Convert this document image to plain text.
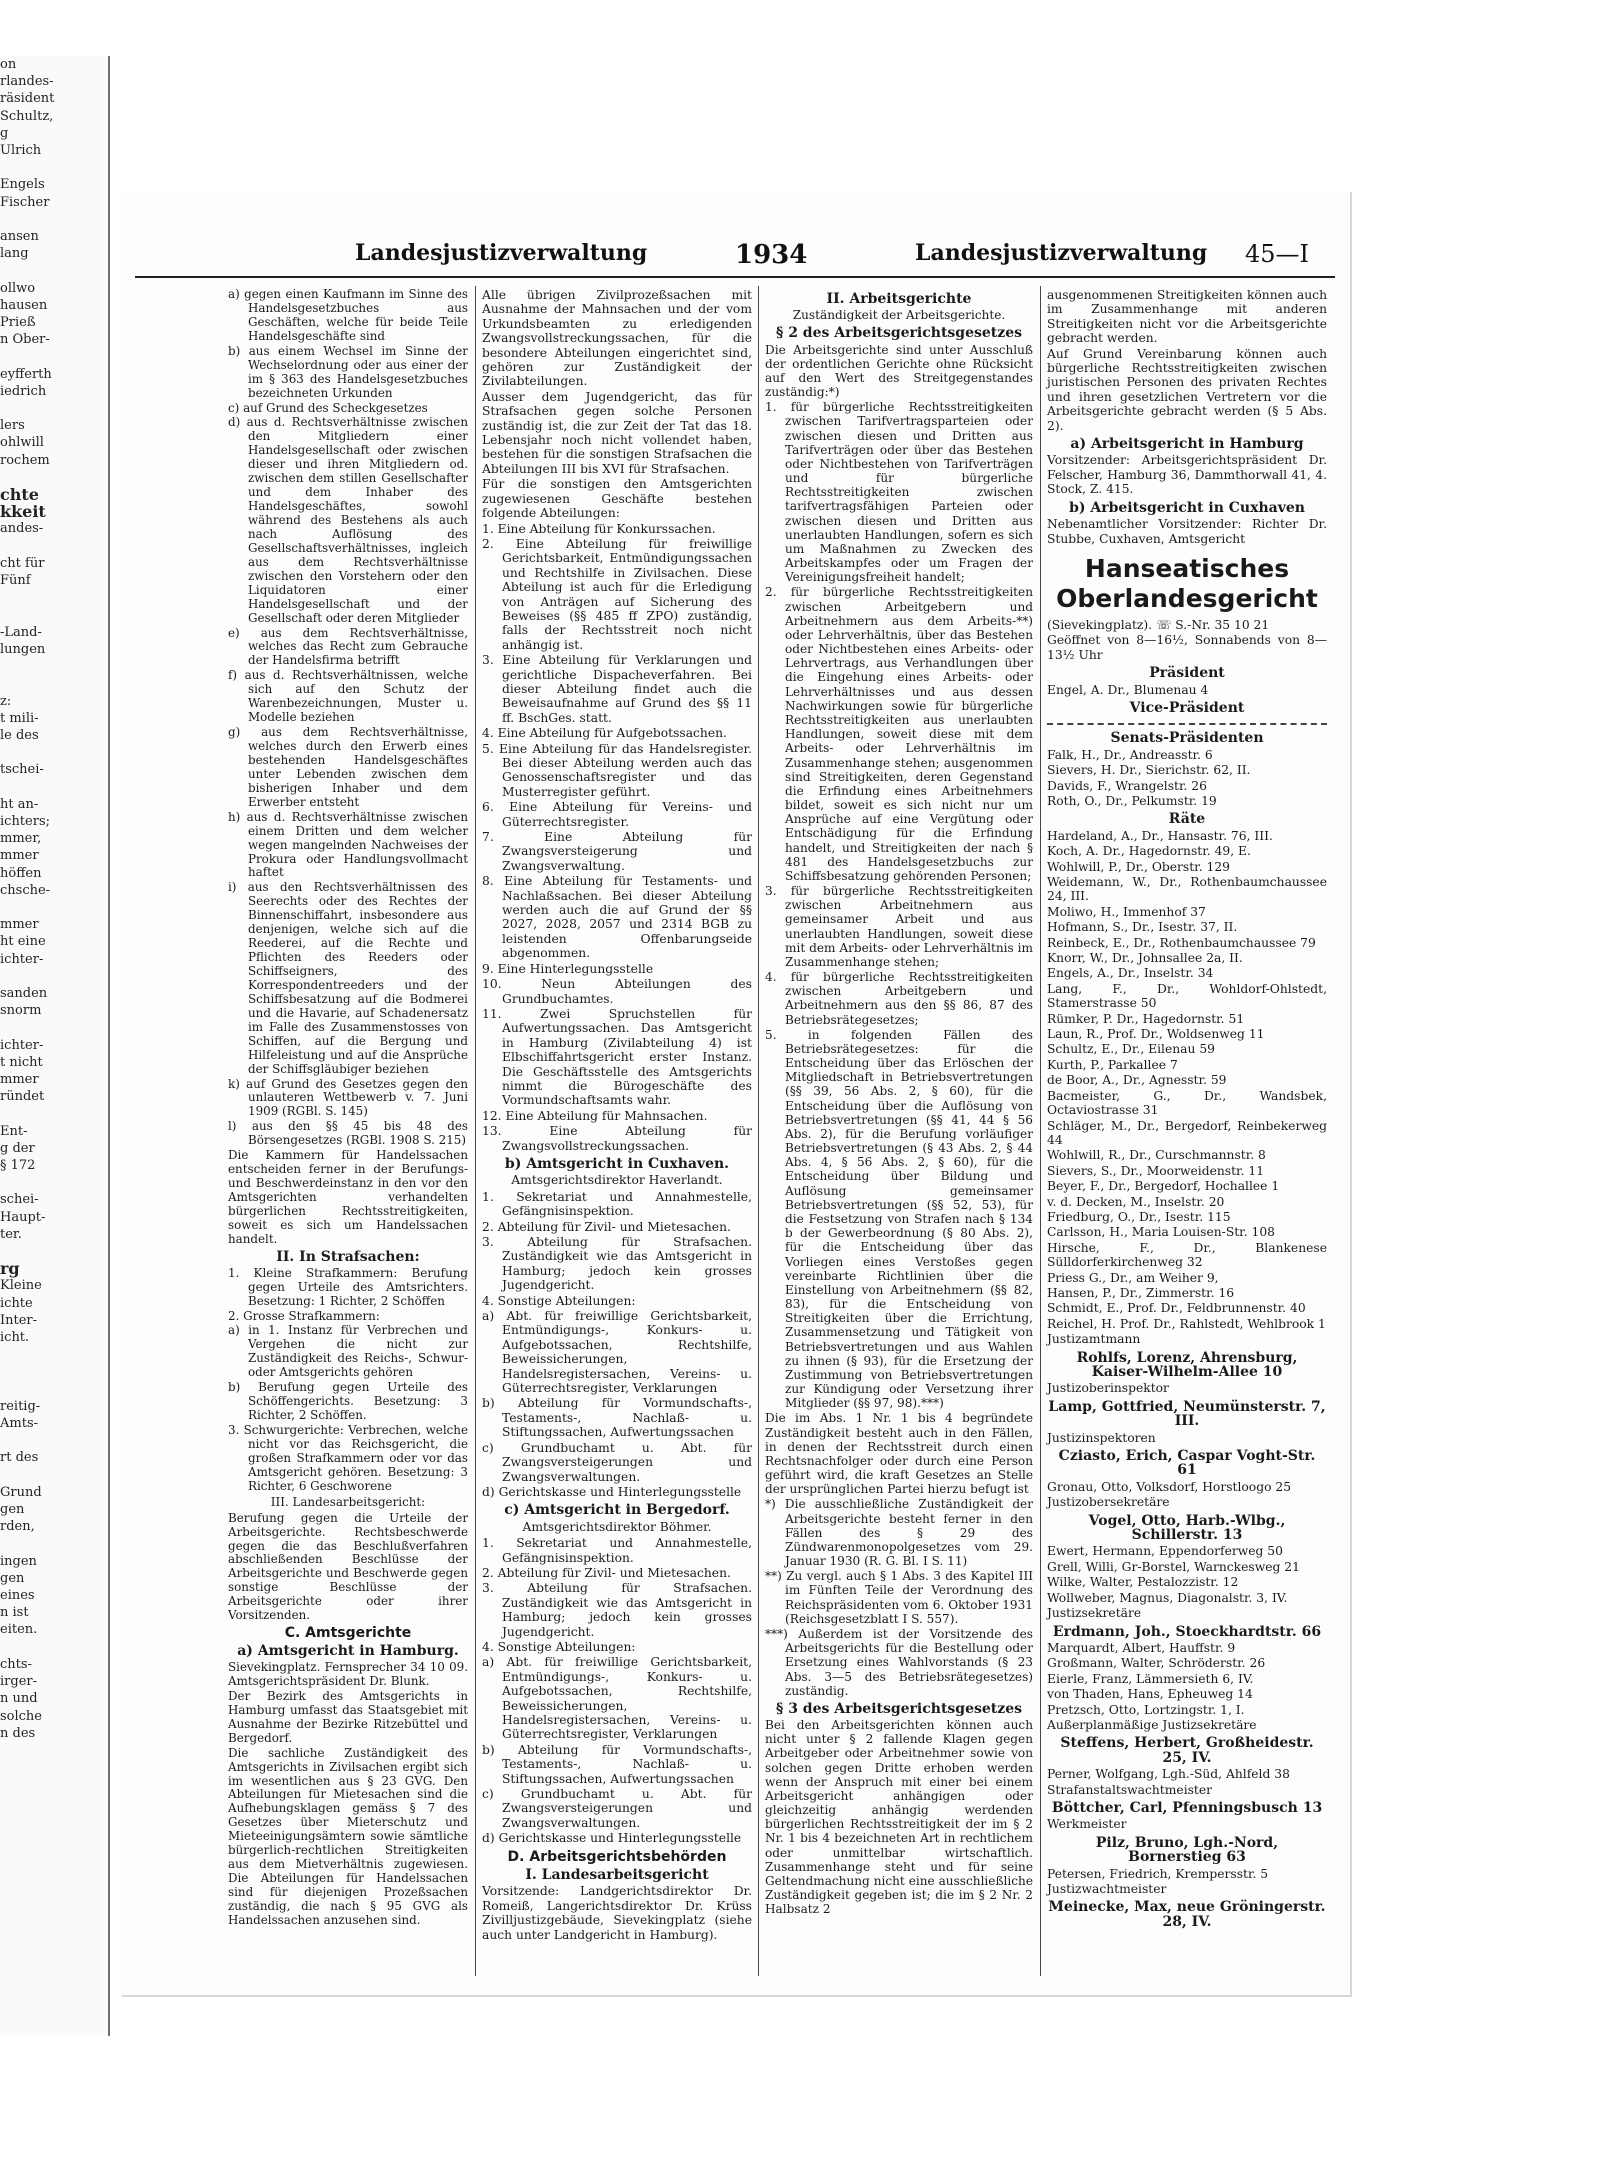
on
rlandes-
räsident
Schultz,
g
Ulrich

Engels
Fischer

ansen
lang

ollwo
hausen
Prieß
n Ober-

eyfferth
iedrich

lers
ohlwill
rochem

chte
kkeit
andes-

cht für
Fünf

-Land-
lungen

z:
t mili-
le des

tschei-

ht an-
ichters;
mmer,
mmer
höffen
chsche-

mmer
ht eine
ichter-

sanden
snorm

ichter-
t nicht
mmer
ründet

Ent-
g der
§ 172

schei-
Haupt-
ter.

rg
Kleine
ichte
Inter-
icht.

reitig-
Amts-

rt des

Grund
gen
rden,

ingen
gen
eines
n ist
eiten.

chts-
irger-
n und
solche
n des
Landesjustizverwaltung	1934	Landesjustizverwaltung 45—I
a) gegen einen Kaufmann im Sinne des Handelsgesetzbuches aus Geschäften, welche für beide Teile Handelsgeschäfte sind
b) aus einem Wechsel im Sinne der Wechselordnung oder aus einer der im § 363 des Handelsgesetzbuches bezeichneten Urkunden
c) auf Grund des Scheckgesetzes
d) aus d. Rechtsverhältnisse zwischen den Mitgliedern einer Handelsgesellschaft oder zwischen dieser und ihren Mitgliedern od. zwischen dem stillen Gesellschafter und dem Inhaber des Handelsgeschäftes, sowohl während des Bestehens als auch nach Auflösung des Gesellschaftsverhältnisses, ingleich aus dem Rechtsverhältnisse zwischen den Vorstehern oder den Liquidatoren einer Handelsgesellschaft und der Gesellschaft oder deren Mitglieder
e) aus dem Rechtsverhältnisse, welches das Recht zum Gebrauche der Handelsfirma betrifft
f) aus d. Rechtsverhältnissen, welche sich auf den Schutz der Warenbezeichnungen, Muster u. Modelle beziehen
g) aus dem Rechtsverhältnisse, welches durch den Erwerb eines bestehenden Handelsgeschäftes unter Lebenden zwischen dem bisherigen Inhaber und dem Erwerber entsteht
h) aus d. Rechtsverhältnisse zwischen einem Dritten und dem welcher wegen mangelnden Nachweises der Prokura oder Handlungsvollmacht haftet
i) aus den Rechtsverhältnissen des Seerechts oder des Rechtes der Binnenschiffahrt, insbesondere aus denjenigen, welche sich auf die Reederei, auf die Rechte und Pflichten des Reeders oder Schiffseigners, des Korrespondentreeders und der Schiffsbesatzung auf die Bodmerei und die Havarie, auf Schadenersatz im Falle des Zusammenstosses von Schiffen, auf die Bergung und Hilfeleistung und auf die Ansprüche der Schiffsgläubiger beziehen
k) auf Grund des Gesetzes gegen den unlauteren Wettbewerb v. 7. Juni 1909 (RGBl. S. 145)
l) aus den §§ 45 bis 48 des Börsengesetzes (RGBl. 1908 S. 215)
Die Kammern für Handelssachen entscheiden ferner in der Berufungs- und Beschwerdeinstanz in den vor den Amtsgerichten verhandelten bürgerlichen Rechtsstreitigkeiten, soweit es sich um Handelssachen handelt.
II. In Strafsachen:
1. Kleine Strafkammern: Berufung gegen Urteile des Amtsrichters. Besetzung: 1 Richter, 2 Schöffen
2. Grosse Strafkammern:
a) in 1. Instanz für Verbrechen und Vergehen die nicht zur Zuständigkeit des Reichs-, Schwur- oder Amtsgerichts gehören
b) Berufung gegen Urteile des Schöffengerichts. Besetzung: 3 Richter, 2 Schöffen.
3. Schwurgerichte: Verbrechen, welche nicht vor das Reichsgericht, die großen Strafkammern oder vor das Amtsgericht gehören. Besetzung: 3 Richter, 6 Geschworene
III. Landesarbeitsgericht:
Berufung gegen die Urteile der Arbeitsgerichte. Rechtsbeschwerde gegen die das Beschlußverfahren abschließenden Beschlüsse der Arbeitsgerichte und Beschwerde gegen sonstige Beschlüsse der Arbeitsgerichte oder ihrer Vorsitzenden.
C. Amtsgerichte
a) Amtsgericht in Hamburg.
Sievekingplatz. Fernsprecher 34 10 09. Amtsgerichtspräsident Dr. Blunk.
Der Bezirk des Amtsgerichts in Hamburg umfasst das Staatsgebiet mit Ausnahme der Bezirke Ritzebüttel und Bergedorf.
Die sachliche Zuständigkeit des Amtsgerichts in Zivilsachen ergibt sich im wesentlichen aus § 23 GVG. Den Abteilungen für Mietesachen sind die Aufhebungsklagen gemäss § 7 des Gesetzes über Mieterschutz und Mieteeinigungsämtern sowie sämtliche bürgerlich-rechtlichen Streitigkeiten aus dem Mietverhältnis zugewiesen. Die Abteilungen für Handelssachen sind für diejenigen Prozeßsachen zuständig, die nach § 95 GVG als Handelssachen anzusehen sind.
Alle übrigen Zivilprozeßsachen mit Ausnahme der Mahnsachen und der vom Urkundsbeamten zu erledigenden Zwangsvollstreckungssachen, für die besondere Abteilungen eingerichtet sind, gehören zur Zuständigkeit der Zivilabteilungen.
Ausser dem Jugendgericht, das für Strafsachen gegen solche Personen zuständig ist, die zur Zeit der Tat das 18. Lebensjahr noch nicht vollendet haben, bestehen für die sonstigen Strafsachen die Abteilungen III bis XVI für Strafsachen.
Für die sonstigen den Amtsgerichten zugewiesenen Geschäfte bestehen folgende Abteilungen:
1. Eine Abteilung für Konkurssachen.
2. Eine Abteilung für freiwillige Gerichtsbarkeit, Entmündigungssachen und Rechtshilfe in Zivilsachen. Diese Abteilung ist auch für die Erledigung von Anträgen auf Sicherung des Beweises (§§ 485 ff ZPO) zuständig, falls der Rechtsstreit noch nicht anhängig ist.
3. Eine Abteilung für Verklarungen und gerichtliche Dispacheverfahren. Bei dieser Abteilung findet auch die Beweisaufnahme auf Grund des §§ 11 ff. BschGes. statt.
4. Eine Abteilung für Aufgebotssachen.
5. Eine Abteilung für das Handelsregister. Bei dieser Abteilung werden auch das Genossenschaftsregister und das Musterregister geführt.
6. Eine Abteilung für Vereins- und Güterrechtsregister.
7. Eine Abteilung für Zwangsversteigerung und Zwangsverwaltung.
8. Eine Abteilung für Testaments- und Nachlaßsachen. Bei dieser Abteilung werden auch die auf Grund der §§ 2027, 2028, 2057 und 2314 BGB zu leistenden Offenbarungseide abgenommen.
9. Eine Hinterlegungsstelle
10. Neun Abteilungen des Grundbuchamtes.
11. Zwei Spruchstellen für Aufwertungssachen. Das Amtsgericht in Hamburg (Zivilabteilung 4) ist Elbschiffahrtsgericht erster Instanz. Die Geschäftsstelle des Amtsgerichts nimmt die Bürogeschäfte des Vormundschaftsamts wahr.
12. Eine Abteilung für Mahnsachen.
13. Eine Abteilung für Zwangsvollstreckungssachen.
b) Amtsgericht in Cuxhaven.
Amtsgerichtsdirektor Haverlandt.
1. Sekretariat und Annahmestelle, Gefängnisinspektion.
2. Abteilung für Zivil- und Mietesachen.
3. Abteilung für Strafsachen. Zuständigkeit wie das Amtsgericht in Hamburg; jedoch kein grosses Jugendgericht.
4. Sonstige Abteilungen:
a) Abt. für freiwillige Gerichtsbarkeit, Entmündigungs-, Konkurs- u. Aufgebotssachen, Rechtshilfe, Beweissicherungen, Handelsregistersachen, Vereins- u. Güterrechtsregister, Verklarungen
b) Abteilung für Vormundschafts-, Testaments-, Nachlaß- u. Stiftungssachen, Aufwertungssachen
c) Grundbuchamt u. Abt. für Zwangsversteigerungen und Zwangsverwaltungen.
d) Gerichtskasse und Hinterlegungsstelle
c) Amtsgericht in Bergedorf.
Amtsgerichtsdirektor Böhmer.
1. Sekretariat und Annahmestelle, Gefängnisinspektion.
2. Abteilung für Zivil- und Mietesachen.
3. Abteilung für Strafsachen. Zuständigkeit wie das Amtsgericht in Hamburg; jedoch kein grosses Jugendgericht.
4. Sonstige Abteilungen:
a) Abt. für freiwillige Gerichtsbarkeit, Entmündigungs-, Konkurs- u. Aufgebotssachen, Rechtshilfe, Beweissicherungen, Handelsregistersachen, Vereins- u. Güterrechtsregister, Verklarungen
b) Abteilung für Vormundschafts-, Testaments-, Nachlaß- u. Stiftungssachen, Aufwertungssachen
c) Grundbuchamt u. Abt. für Zwangsversteigerungen und Zwangsverwaltungen.
d) Gerichtskasse und Hinterlegungsstelle
D. Arbeitsgerichtsbehörden
I. Landesarbeitsgericht
Vorsitzende: Landgerichtsdirektor Dr. Romeiß, Langerichtsdirektor Dr. Krüss Zivilljustizgebäude, Sievekingplatz (siehe auch unter Landgericht in Hamburg).
II. Arbeitsgerichte
Zuständigkeit der Arbeitsgerichte.
§ 2 des Arbeitsgerichtsgesetzes
Die Arbeitsgerichte sind unter Ausschluß der ordentlichen Gerichte ohne Rücksicht auf den Wert des Streitgegenstandes zuständig:*)
1. für bürgerliche Rechtsstreitigkeiten zwischen Tarifvertragsparteien oder zwischen diesen und Dritten aus Tarifverträgen oder über das Bestehen oder Nichtbestehen von Tarifverträgen und für bürgerliche Rechtsstreitigkeiten zwischen tarifvertragsfähigen Parteien oder zwischen diesen und Dritten aus unerlaubten Handlungen, sofern es sich um Maßnahmen zu Zwecken des Arbeitskampfes oder um Fragen der Vereinigungsfreiheit handelt;
2. für bürgerliche Rechtsstreitigkeiten zwischen Arbeitgebern und Arbeitnehmern aus dem Arbeits-**) oder Lehrverhältnis, über das Bestehen oder Nichtbestehen eines Arbeits- oder Lehrvertrags, aus Verhandlungen über die Eingehung eines Arbeits- oder Lehrverhältnisses und aus dessen Nachwirkungen sowie für bürgerliche Rechtsstreitigkeiten aus unerlaubten Handlungen, soweit diese mit dem Arbeits- oder Lehrverhältnis im Zusammenhange stehen; ausgenommen sind Streitigkeiten, deren Gegenstand die Erfindung eines Arbeitnehmers bildet, soweit es sich nicht nur um Ansprüche auf eine Vergütung oder Entschädigung für die Erfindung handelt, und Streitigkeiten der nach § 481 des Handelsgesetzbuchs zur Schiffsbesatzung gehörenden Personen;
3. für bürgerliche Rechtsstreitigkeiten zwischen Arbeitnehmern aus gemeinsamer Arbeit und aus unerlaubten Handlungen, soweit diese mit dem Arbeits- oder Lehrverhältnis im Zusammenhange stehen;
4. für bürgerliche Rechtsstreitigkeiten zwischen Arbeitgebern und Arbeitnehmern aus den §§ 86, 87 des Betriebsrätegesetzes;
5. in folgenden Fällen des Betriebsrätegesetzes: für die Entscheidung über das Erlöschen der Mitgliedschaft in Betriebsvertretungen (§§ 39, 56 Abs. 2, § 60), für die Entscheidung über die Auflösung von Betriebsvertretungen (§§ 41, 44 § 56 Abs. 2), für die Berufung vorläufiger Betriebsvertretungen (§ 43 Abs. 2, § 44 Abs. 4, § 56 Abs. 2, § 60), für die Entscheidung über Bildung und Auflösung gemeinsamer Betriebsvertretungen (§§ 52, 53), für die Festsetzung von Strafen nach § 134 b der Gewerbeordnung (§ 80 Abs. 2), für die Entscheidung über das Vorliegen eines Verstoßes gegen vereinbarte Richtlinien über die Einstellung von Arbeitnehmern (§§ 82, 83), für die Entscheidung von Streitigkeiten über die Errichtung, Zusammensetzung und Tätigkeit von Betriebsvertretungen und aus Wahlen zu ihnen (§ 93), für die Ersetzung der Zustimmung von Betriebsvertretungen zur Kündigung oder Versetzung ihrer Mitglieder (§§ 97, 98).***)
Die im Abs. 1 Nr. 1 bis 4 begründete Zuständigkeit besteht auch in den Fällen, in denen der Rechtsstreit durch einen Rechtsnachfolger oder durch eine Person geführt wird, die kraft Gesetzes an Stelle der ursprünglichen Partei hierzu befugt ist
*) Die ausschließliche Zuständigkeit der Arbeitsgerichte besteht ferner in den Fällen des § 29 des Zündwarenmonopolgesetzes vom 29. Januar 1930 (R. G. Bl. I S. 11)
**) Zu vergl. auch § 1 Abs. 3 des Kapitel III im Fünften Teile der Verordnung des Reichspräsidenten vom 6. Oktober 1931 (Reichsgesetzblatt I S. 557).
***) Außerdem ist der Vorsitzende des Arbeitsgerichts für die Bestellung oder Ersetzung eines Wahlvorstands (§ 23 Abs. 3—5 des Betriebsrätegesetzes) zuständig.
§ 3 des Arbeitsgerichtsgesetzes
Bei den Arbeitsgerichten können auch nicht unter § 2 fallende Klagen gegen Arbeitgeber oder Arbeitnehmer sowie von solchen gegen Dritte erhoben werden wenn der Anspruch mit einer bei einem Arbeitsgericht anhängigen oder gleichzeitig anhängig werdenden bürgerlichen Rechtsstreitigkeit der im § 2 Nr. 1 bis 4 bezeichneten Art in rechtlichem oder unmittelbar wirtschaftlich. Zusammenhange steht und für seine Geltendmachung nicht eine ausschließliche Zuständigkeit gegeben ist; die im § 2 Nr. 2 Halbsatz 2
ausgenommenen Streitigkeiten können auch im Zusammenhange mit anderen Streitigkeiten nicht vor die Arbeitsgerichte gebracht werden.
Auf Grund Vereinbarung können auch bürgerliche Rechtsstreitigkeiten zwischen juristischen Personen des privaten Rechtes und ihren gesetzlichen Vertretern vor die Arbeitsgerichte gebracht werden (§ 5 Abs. 2).
a) Arbeitsgericht in Hamburg
Vorsitzender: Arbeitsgerichtspräsident Dr. Felscher, Hamburg 36, Dammthorwall 41, 4. Stock, Z. 415.
b) Arbeitsgericht in Cuxhaven
Nebenamtlicher Vorsitzender: Richter Dr. Stubbe, Cuxhaven, Amtsgericht
Hanseatisches Oberlandesgericht
(Sievekingplatz). ☏ S.-Nr. 35 10 21
Geöffnet von 8—16½, Sonnabends von 8—13½ Uhr
Präsident
Engel, A. Dr., Blumenau 4
Vice-Präsident
Senats-Präsidenten
Falk, H., Dr., Andreasstr. 6
Sievers, H. Dr., Sierichstr. 62, II.
Davids, F., Wrangelstr. 26
Roth, O., Dr., Pelkumstr. 19
Räte
Hardeland, A., Dr., Hansastr. 76, III.
Koch, A. Dr., Hagedornstr. 49, E.
Wohlwill, P., Dr., Oberstr. 129
Weidemann, W., Dr., Rothenbaumchaussee 24, III.
Moliwo, H., Immenhof 37
Hofmann, S., Dr., Isestr. 37, II.
Reinbeck, E., Dr., Rothenbaumchaussee 79
Knorr, W., Dr., Johnsallee 2a, II.
Engels, A., Dr., Inselstr. 34
Lang, F., Dr., Wohldorf-Ohlstedt, Stamerstrasse 50
Rümker, P. Dr., Hagedornstr. 51
Laun, R., Prof. Dr., Woldsenweg 11
Schultz, E., Dr., Eilenau 59
Kurth, P., Parkallee 7
de Boor, A., Dr., Agnesstr. 59
Bacmeister, G., Dr., Wandsbek, Octaviostrasse 31
Schläger, M., Dr., Bergedorf, Reinbekerweg 44
Wohlwill, R., Dr., Curschmannstr. 8
Sievers, S., Dr., Moorweidenstr. 11
Beyer, F., Dr., Bergedorf, Hochallee 1
v. d. Decken, M., Inselstr. 20
Friedburg, O., Dr., Isestr. 115
Carlsson, H., Maria Louisen-Str. 108
Hirsche, F., Dr., Blankenese Sülldorferkirchenweg 32
Priess G., Dr., am Weiher 9,
Hansen, P., Dr., Zimmerstr. 16
Schmidt, E., Prof. Dr., Feldbrunnenstr. 40
Reichel, H. Prof. Dr., Rahlstedt, Wehlbrook 1
Justizamtmann
Rohlfs, Lorenz, Ahrensburg, Kaiser-Wilhelm-Allee 10
Justizoberinspektor
Lamp, Gottfried, Neumünsterstr. 7, III.
Justizinspektoren
Cziasto, Erich, Caspar Voght-Str. 61
Gronau, Otto, Volksdorf, Horstloogo 25
Justizobersekretäre
Vogel, Otto, Harb.-Wlbg., Schillerstr. 13
Ewert, Hermann, Eppendorferweg 50
Grell, Willi, Gr-Borstel, Warnckesweg 21
Wilke, Walter, Pestalozzistr. 12
Wollweber, Magnus, Diagonalstr. 3, IV.
Justizsekretäre
Erdmann, Joh., Stoeckhardtstr. 66
Marquardt, Albert, Hauffstr. 9
Großmann, Walter, Schröderstr. 26
Eierle, Franz, Lämmersieth 6, IV.
von Thaden, Hans, Epheuweg 14
Pretzsch, Otto, Lortzingstr. 1, I.
Außerplanmäßige Justizsekretäre
Steffens, Herbert, Großheidestr. 25, IV.
Perner, Wolfgang, Lgh.-Süd, Ahlfeld 38
Strafanstaltswachtmeister
Böttcher, Carl, Pfenningsbusch 13
Werkmeister
Pilz, Bruno, Lgh.-Nord, Bornerstieg 63
Petersen, Friedrich, Krempersstr. 5
Justizwachtmeister
Meinecke, Max, neue Gröningerstr. 28, IV.
